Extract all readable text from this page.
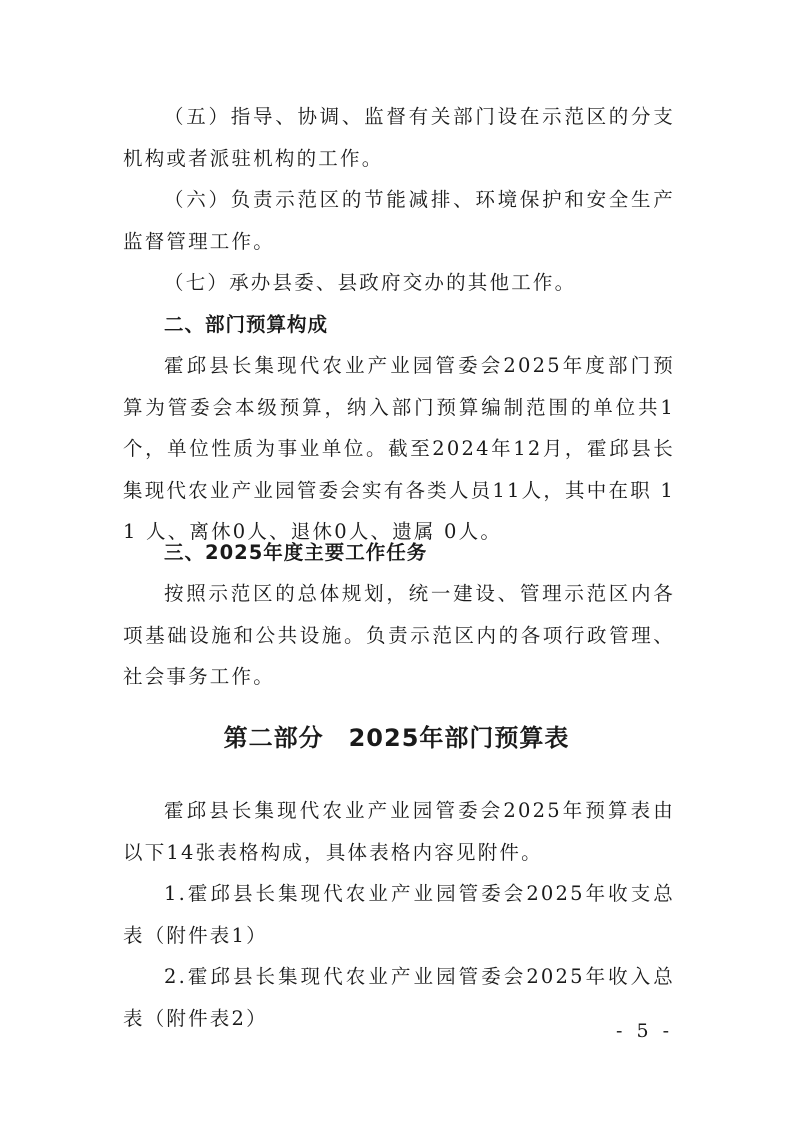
（五）指导、协调、监督有关部门设在示范区的分支机构或者派驻机构的工作。

（六）负责示范区的节能减排、环境保护和安全生产监督管理工作。

（七）承办县委、县政府交办的其他工作。

二、部门预算构成

霍邱县长集现代农业产业园管委会2025年度部门预算为管委会本级预算，纳入部门预算编制范围的单位共1个，单位性质为事业单位。截至2024年12月，霍邱县长集现代农业产业园管委会实有各类人员11人，其中在职 11 人、离休0人、退休0人、遗属 0人。

三、2025年度主要工作任务

按照示范区的总体规划，统一建设、管理示范区内各项基础设施和公共设施。负责示范区内的各项行政管理、社会事务工作。

第二部分　2025年部门预算表

霍邱县长集现代农业产业园管委会2025年预算表由以下14张表格构成，具体表格内容见附件。

1.霍邱县长集现代农业产业园管委会2025年收支总表（附件表1）

2.霍邱县长集现代农业产业园管委会2025年收入总表（附件表2）

- 5 -
